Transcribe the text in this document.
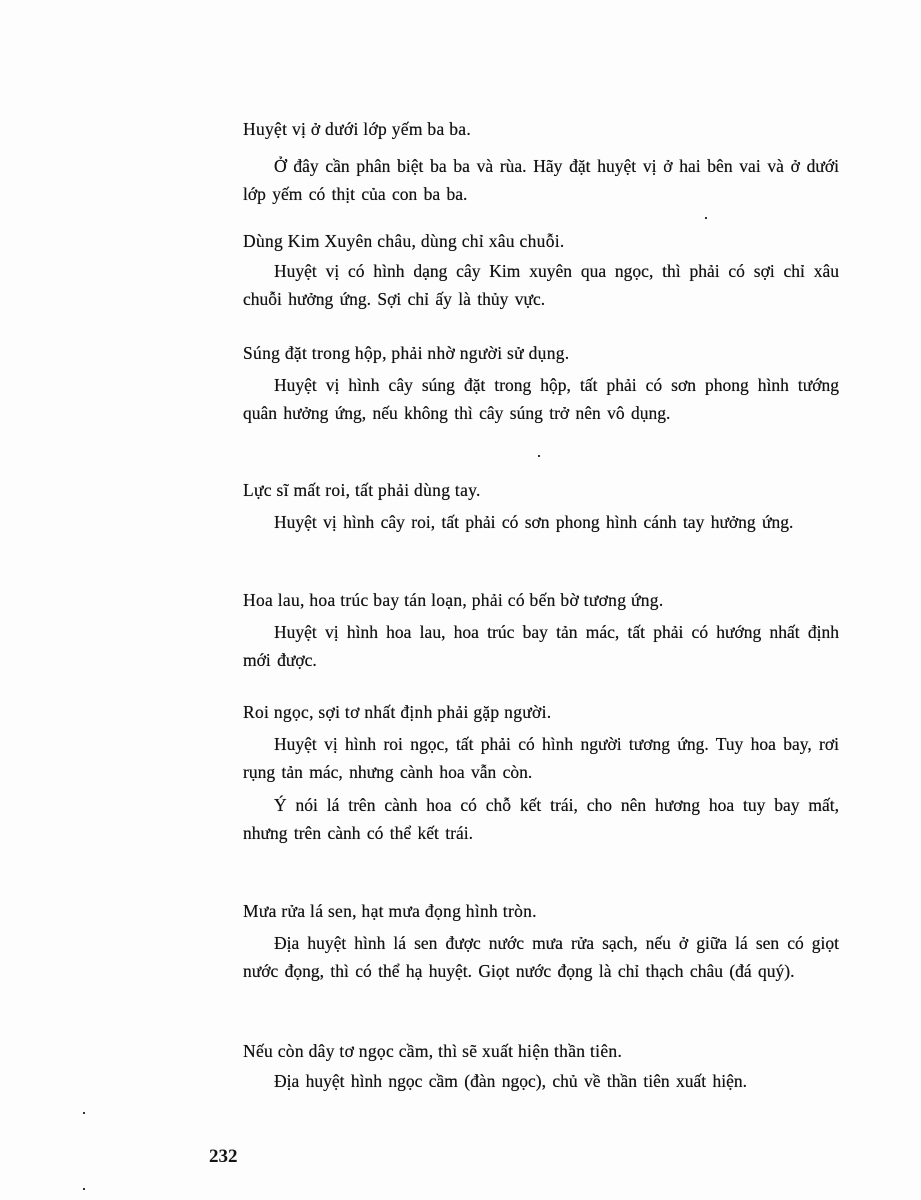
Huyệt vị ở dưới lớp yếm ba ba.
Ở đây cần phân biệt ba ba và rùa. Hãy đặt huyệt vị ở hai bên vai và ở dưới lớp yếm có thịt của con ba ba.
Dùng Kim Xuyên châu, dùng chỉ xâu chuỗi.
Huyệt vị có hình dạng cây Kim xuyên qua ngọc, thì phải có sợi chỉ xâu chuỗi hưởng ứng. Sợi chỉ ấy là thủy vực.
Súng đặt trong hộp, phải nhờ người sử dụng.
Huyệt vị hình cây súng đặt trong hộp, tất phải có sơn phong hình tướng quân hưởng ứng, nếu không thì cây súng trở nên vô dụng.
Lực sĩ mất roi, tất phải dùng tay.
Huyệt vị hình cây roi, tất phải có sơn phong hình cánh tay hưởng ứng.
Hoa lau, hoa trúc bay tán loạn, phải có bến bờ tương ứng.
Huyệt vị hình hoa lau, hoa trúc bay tản mác, tất phải có hướng nhất định mới được.
Roi ngọc, sợi tơ nhất định phải gặp người.
Huyệt vị hình roi ngọc, tất phải có hình người tương ứng. Tuy hoa bay, rơi rụng tản mác, nhưng cành hoa vẫn còn.
Ý nói lá trên cành hoa có chỗ kết trái, cho nên hương hoa tuy bay mất, nhưng trên cành có thể kết trái.
Mưa rửa lá sen, hạt mưa đọng hình tròn.
Địa huyệt hình lá sen được nước mưa rửa sạch, nếu ở giữa lá sen có giọt nước đọng, thì có thể hạ huyệt. Giọt nước đọng là chỉ thạch châu (đá quý).
Nếu còn dây tơ ngọc cầm, thì sẽ xuất hiện thần tiên.
Địa huyệt hình ngọc cầm (đàn ngọc), chủ về thần tiên xuất hiện.
232
